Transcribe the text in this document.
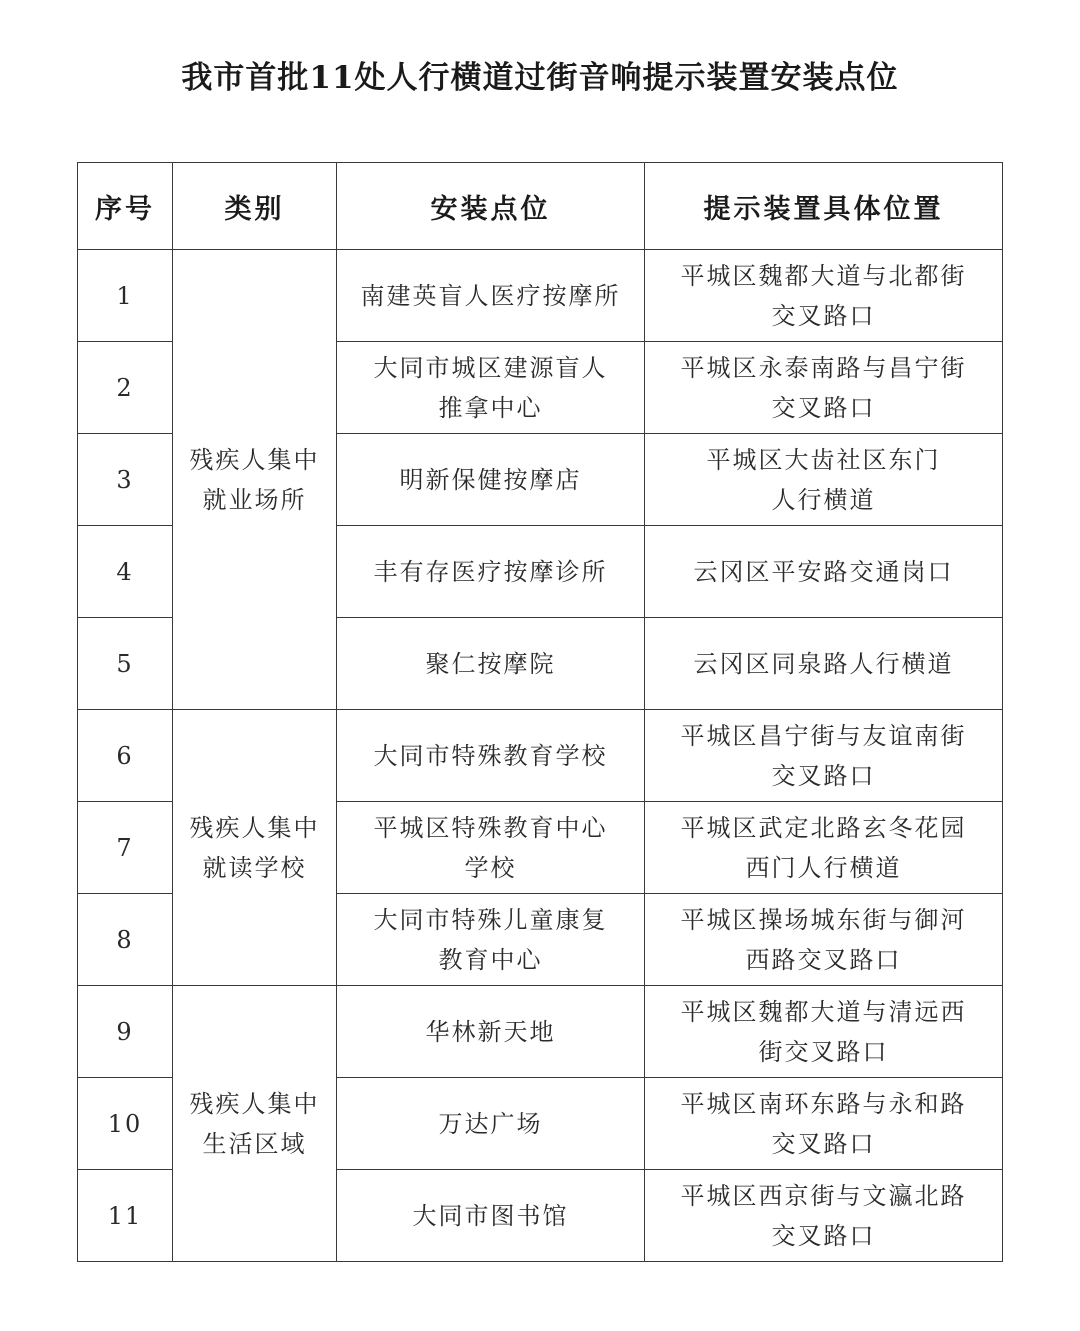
我市首批11处人行横道过街音响提示装置安装点位
序号	类别	安装点位	提示装置具体位置
1	残疾人集中
就业场所	南建英盲人医疗按摩所	平城区魏都大道与北都街
交叉路口

2		大同市城区建源盲人
推拿中心	平城区永泰南路与昌宁街
交叉路口

3		明新保健按摩店	平城区大齿社区东门
人行横道

4		丰有存医疗按摩诊所	云冈区平安路交通岗口

5		聚仁按摩院	云冈区同泉路人行横道

6	残疾人集中
就读学校	大同市特殊教育学校	平城区昌宁街与友谊南街
交叉路口

7		平城区特殊教育中心
学校	平城区武定北路玄冬花园
西门人行横道

8		大同市特殊儿童康复
教育中心	平城区操场城东街与御河
西路交叉路口

9	残疾人集中
生活区域	华林新天地	平城区魏都大道与清远西
街交叉路口

10		万达广场	平城区南环东路与永和路
交叉路口

11		大同市图书馆	平城区西京街与文瀛北路
交叉路口
